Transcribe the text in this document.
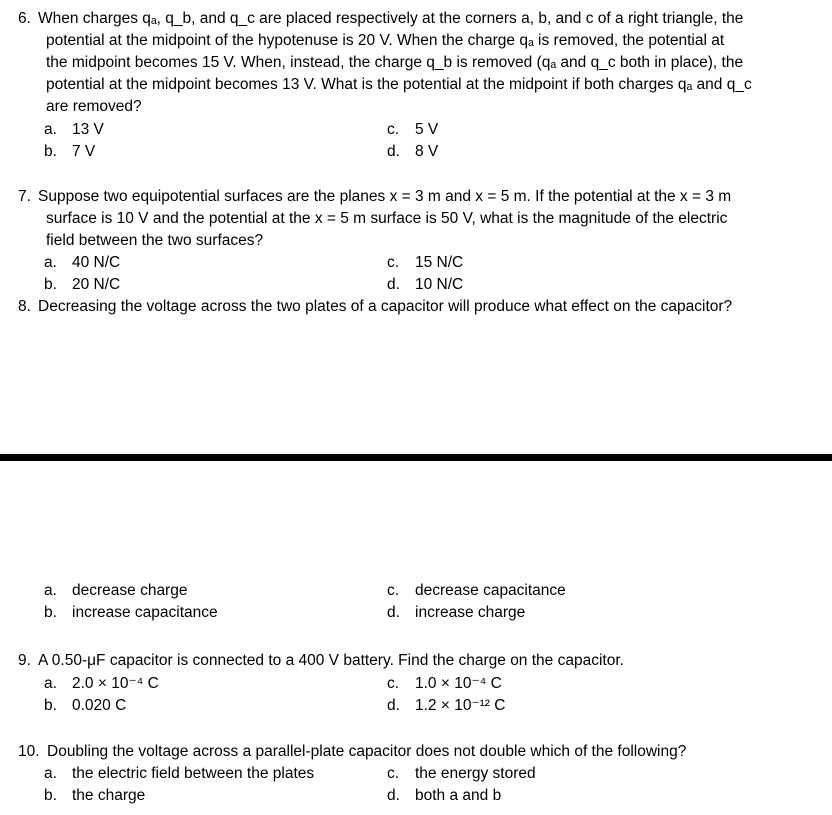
6. When charges qₐ, q_b, and q_c are placed respectively at the corners a, b, and c of a right triangle, the
potential at the midpoint of the hypotenuse is 20 V. When the charge qₐ is removed, the potential at
the midpoint becomes 15 V. When, instead, the charge q_b is removed (qₐ and q_c both in place), the
potential at the midpoint becomes 13 V. What is the potential at the midpoint if both charges qₐ and q_c
are removed?
a. 13 V
b. 7 V
c. 5 V
d. 8 V
7. Suppose two equipotential surfaces are the planes x = 3 m and x = 5 m. If the potential at the x = 3 m
surface is 10 V and the potential at the x = 5 m surface is 50 V, what is the magnitude of the electric
field between the two surfaces?
a. 40 N/C
b. 20 N/C
c. 15 N/C
d. 10 N/C
8. Decreasing the voltage across the two plates of a capacitor will produce what effect on the capacitor?
a. decrease charge
b. increase capacitance
c. decrease capacitance
d. increase charge
9. A 0.50-μF capacitor is connected to a 400 V battery. Find the charge on the capacitor.
a. 2.0 × 10⁻⁴ C
b. 0.020 C
c. 1.0 × 10⁻⁴ C
d. 1.2 × 10⁻¹² C
10. Doubling the voltage across a parallel-plate capacitor does not double which of the following?
a. the electric field between the plates
b. the charge
c. the energy stored
d. both a and b
